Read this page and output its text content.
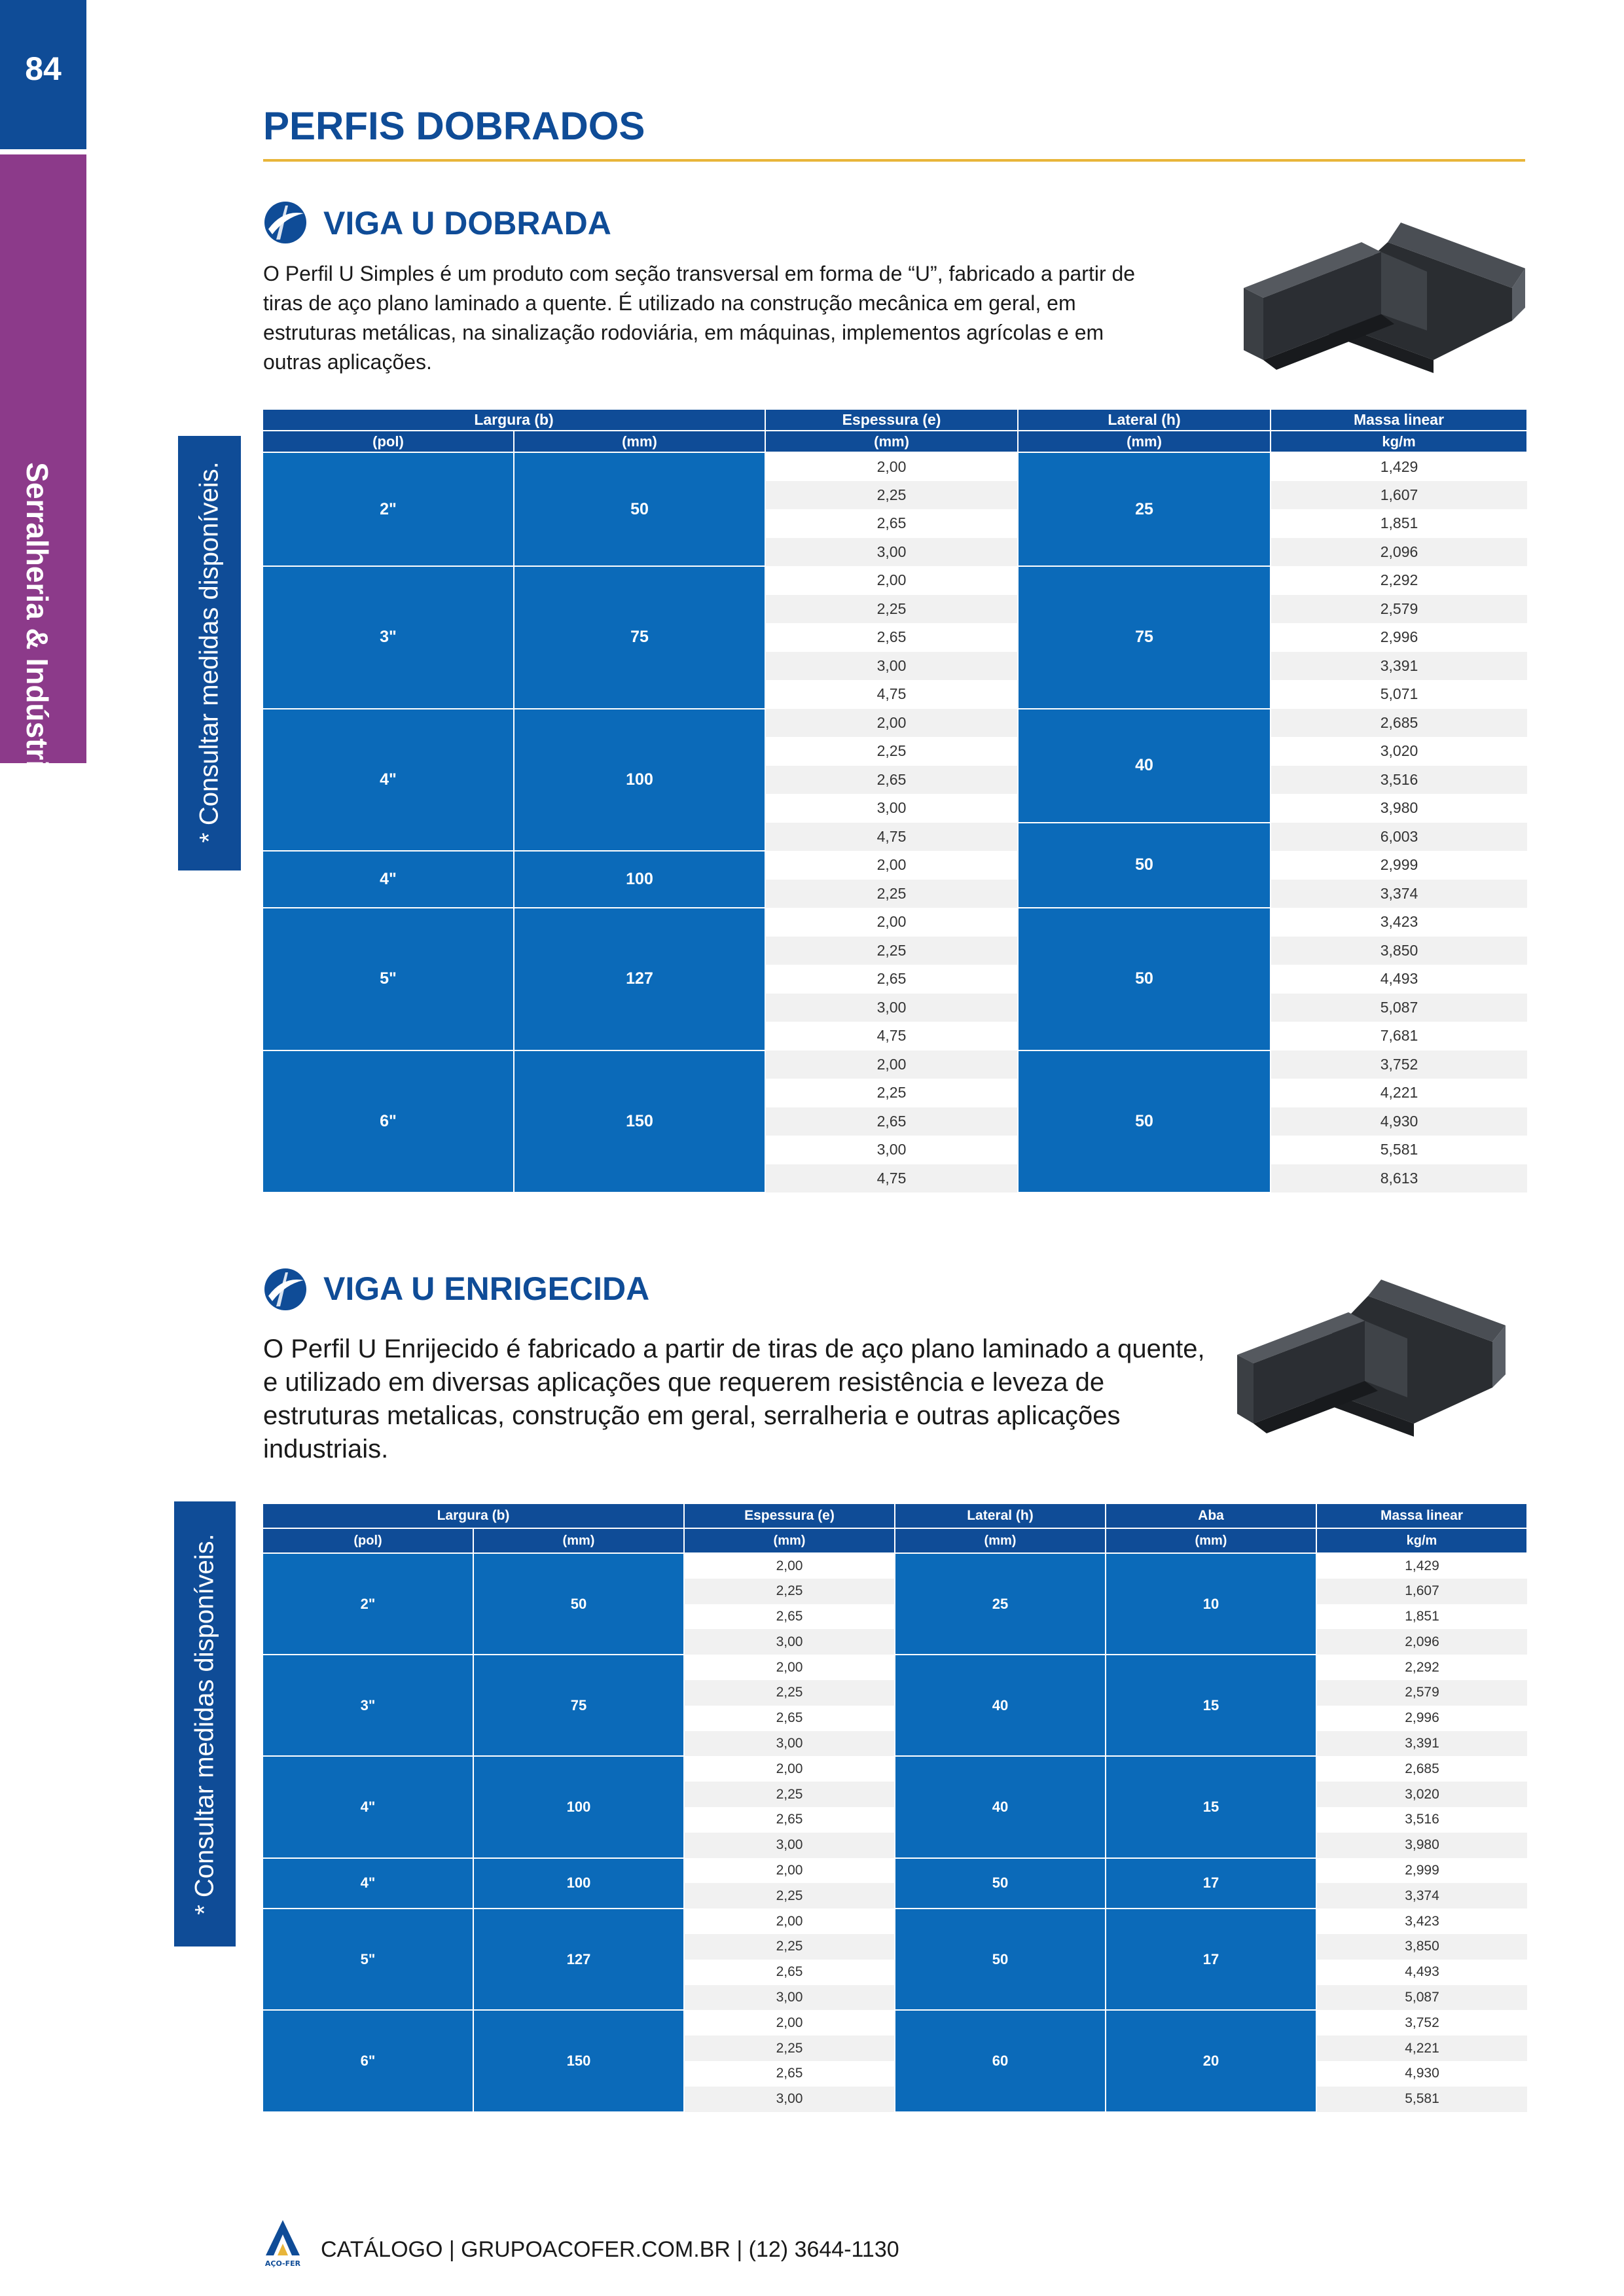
84
Serralheria & Indústria
PERFIS DOBRADOS
VIGA U DOBRADA
O Perfil U Simples é um produto com seção transversal em forma de “U”, fabricado a partir de tiras de aço plano laminado a quente. É utilizado na construção mecânica em geral, em estruturas metálicas, na sinalização rodoviária, em máquinas, implementos agrícolas e em outras aplicações.
* Consultar medidas disponíveis.
Largura (b)		Espessura (e)	Lateral (h)	Massa linear
(pol)	(mm)	(mm)	(mm)	kg/m
2"	50	2,00	25	1,429
		2,25		1,607
		2,65		1,851
		3,00		2,096
3"	75	2,00	75	2,292
		2,25		2,579
		2,65		2,996
		3,00		3,391
		4,75		5,071
4"	100	2,00	40	2,685
		2,25		3,020
		2,65		3,516
		3,00		3,980
		4,75	50	6,003
4"	100	2,00		2,999
		2,25		3,374
5"	127	2,00	50	3,423
		2,25		3,850
		2,65		4,493
		3,00		5,087
		4,75		7,681
6"	150	2,00	50	3,752
		2,25		4,221
		2,65		4,930
		3,00		5,581
		4,75		8,613
VIGA U ENRIGECIDA
O Perfil U Enrijecido é fabricado a partir de tiras de aço plano laminado a quente, e utilizado em diversas aplicações que requerem resistência e leveza de estruturas metalicas, construção em geral, serralheria e outras aplicações industriais.
* Consultar medidas disponíveis.
Largura (b)		Espessura (e)	Lateral (h)	Aba	Massa linear
(pol)	(mm)	(mm)	(mm)	(mm)	kg/m
2"	50	2,00	25	10	1,429
		2,25			1,607
		2,65			1,851
		3,00			2,096
3"	75	2,00	40	15	2,292
		2,25			2,579
		2,65			2,996
		3,00			3,391
4"	100	2,00	40	15	2,685
		2,25			3,020
		2,65			3,516
		3,00			3,980
4"	100	2,00	50	17	2,999
		2,25			3,374
5"	127	2,00	50	17	3,423
		2,25			3,850
		2,65			4,493
		3,00			5,087
6"	150	2,00	60	20	3,752
		2,25			4,221
		2,65			4,930
		3,00			5,581
AÇO-FER
CATÁLOGO | GRUPOACOFER.COM.BR | (12) 3644-1130
